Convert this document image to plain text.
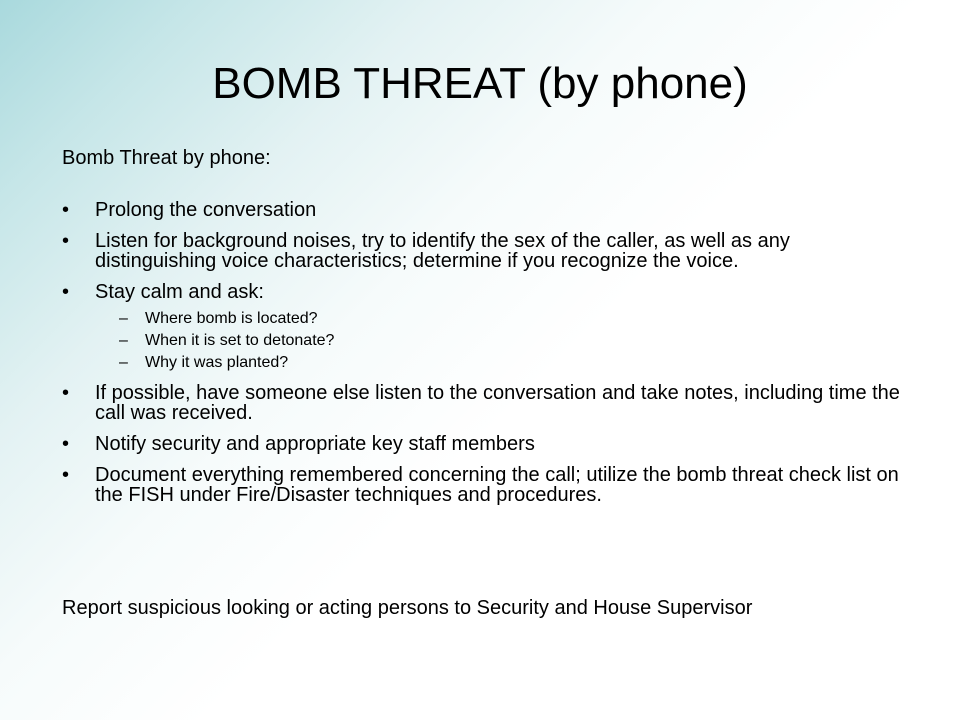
BOMB THREAT (by phone)

Bomb Threat by phone:

• Prolong the conversation
• Listen for background noises, try to identify the sex of the caller, as well as any distinguishing voice characteristics; determine if you recognize the voice.
• Stay calm and ask:
– Where bomb is located?
– When it is set to detonate?
– Why it was planted?
• If possible, have someone else listen to the conversation and take notes, including time the call was received.
• Notify security and appropriate key staff members
• Document everything remembered concerning the call; utilize the bomb threat check list on the FISH under Fire/Disaster techniques and procedures.

Report suspicious looking or acting persons to Security and House Supervisor
